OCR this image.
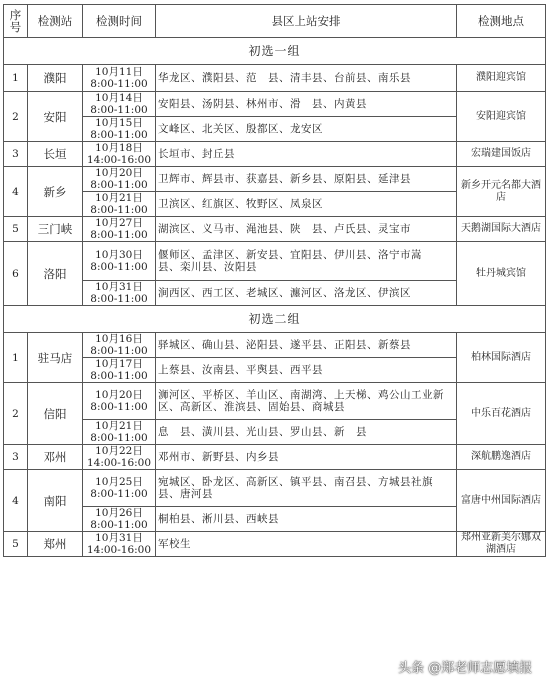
序号	检测站	检测时间	县区上站安排	检测地点
初选一组				
1	濮阳	10月11日
8:00-11:00	华龙区、濮阳县、范　县、清丰县、台前县、南乐县	濮阳迎宾馆
2	安阳	10月14日
8:00-11:00	安阳县、汤阴县、林州市、滑　县、内黄县	安阳迎宾馆

		10月15日
8:00-11:00	文峰区、北关区、殷都区、龙安区	
3	长垣	10月18日
14:00-16:00	长垣市、封丘县	宏瑞建国饭店
4	新乡	10月20日
8:00-11:00	卫辉市、辉县市、获嘉县、新乡县、原阳县、延津县	新乡开元名都大酒店

		10月21日
8:00-11:00	卫滨区、红旗区、牧野区、凤泉区	
5	三门峡	10月27日
8:00-11:00	湖滨区、义马市、渑池县、陕　县、卢氏县、灵宝市	天鹅湖国际大酒店
6	洛阳	10月30日
8:00-11:00	偃师区、孟津区、新安县、宜阳县、伊川县、洛宁市嵩　县、栾川县、汝阳县	牡丹城宾馆

		10月31日
8:00-11:00	涧西区、西工区、老城区、瀍河区、洛龙区、伊滨区	
初选二组				
1	驻马店	10月16日
8:00-11:00	驿城区、确山县、泌阳县、遂平县、正阳县、新蔡县	柏林国际酒店

		10月17日
8:00-11:00	上蔡县、汝南县、平舆县、西平县	
2	信阳	10月20日
8:00-11:00	浉河区、平桥区、羊山区、南湖湾、上天梯、鸡公山工业新区、高新区、淮滨县、固始县、商城县	中乐百花酒店

		10月21日
8:00-11:00	息　县、潢川县、光山县、罗山县、新　县	
3	邓州	10月22日
14:00-16:00	邓州市、新野县、内乡县	深航鹏逸酒店
4	南阳	10月25日
8:00-11:00	宛城区、卧龙区、高新区、镇平县、南召县、方城县社旗县、唐河县	富唐中州国际酒店

		10月26日
8:00-11:00	桐柏县、淅川县、西峡县	
5	郑州	10月31日
14:00-16:00	军校生	郑州亚新美尔娜双湖酒店
头条 @郑老师志愿填报
